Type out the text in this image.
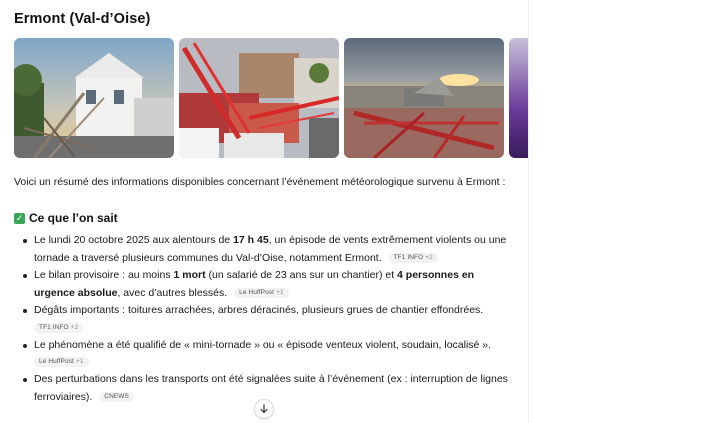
Ermont (Val-d’Oise)

Voici un résumé des informations disponibles concernant l’événement météorologique survenu à Ermont :

✓ Ce que l’on sait
Le lundi 20 octobre 2025 aux alentours de 17 h 45, un épisode de vents extrêmement violents ou une tornade a traversé plusieurs communes du Val-d’Oise, notamment Ermont. TF1 INFO +2
Le bilan provisoire : au moins 1 mort (un salarié de 23 ans sur un chantier) et 4 personnes en urgence absolue, avec d’autres blessés. Le HuffPost +1
Dégâts importants : toitures arrachées, arbres déracinés, plusieurs grues de chantier effondrées.
TF1 INFO +2
Le phénomène a été qualifié de « mini-tornade » ou « épisode venteux violent, soudain, localisé ».
Le HuffPost +1
Des perturbations dans les transports ont été signalées suite à l’événement (ex : interruption de lignes ferroviaires). CNEWS
